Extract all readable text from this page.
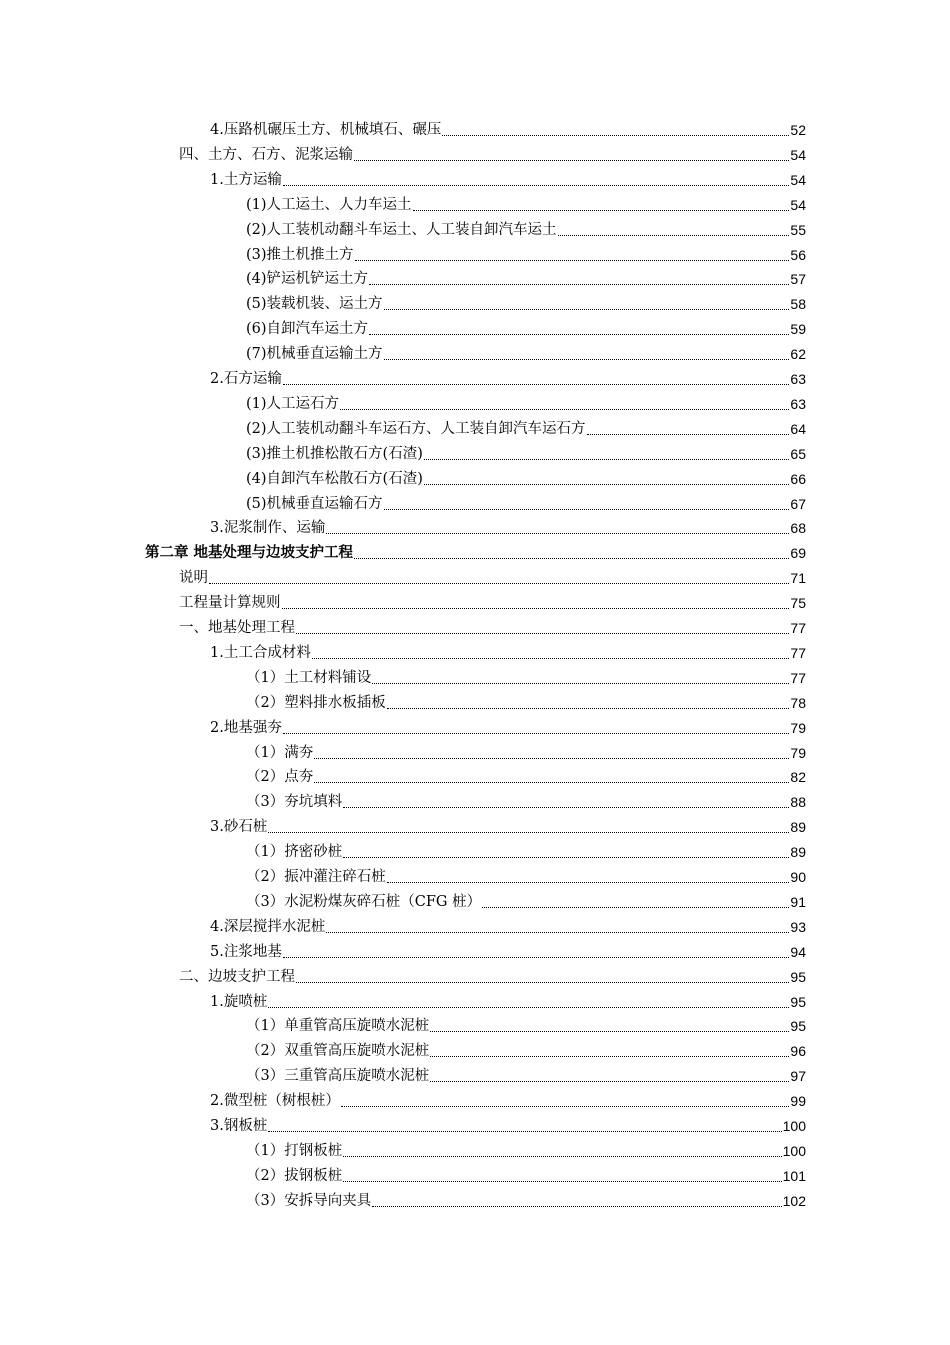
4.压路机碾压土方、机械填石、碾压	52
四、土方、石方、泥浆运输	54
1.土方运输	54
(1)人工运土、人力车运土	54
(2)人工装机动翻斗车运土、人工装自卸汽车运土	55
(3)推土机推土方	56
(4)铲运机铲运土方	57
(5)装载机装、运土方	58
(6)自卸汽车运土方	59
(7)机械垂直运输土方	62
2.石方运输	63
(1)人工运石方	63
(2)人工装机动翻斗车运石方、人工装自卸汽车运石方	64
(3)推土机推松散石方(石渣)	65
(4)自卸汽车松散石方(石渣)	66
(5)机械垂直运输石方	67
3.泥浆制作、运输	68
第二章 地基处理与边坡支护工程	69
说明	71
工程量计算规则	75
一、地基处理工程	77
1.土工合成材料	77
（1）土工材料铺设	77
（2）塑料排水板插板	78
2.地基强夯	79
（1）满夯	79
（2）点夯	82
（3）夯坑填料	88
3.砂石桩	89
（1）挤密砂桩	89
（2）振冲灌注碎石桩	90
（3）水泥粉煤灰碎石桩（CFG 桩）	91
4.深层搅拌水泥桩	93
5.注浆地基	94
二、边坡支护工程	95
1.旋喷桩	95
（1）单重管高压旋喷水泥桩	95
（2）双重管高压旋喷水泥桩	96
（3）三重管高压旋喷水泥桩	97
2.微型桩（树根桩）	99
3.钢板桩	100
（1）打钢板桩	100
（2）拔钢板桩	101
（3）安拆导向夹具	102
